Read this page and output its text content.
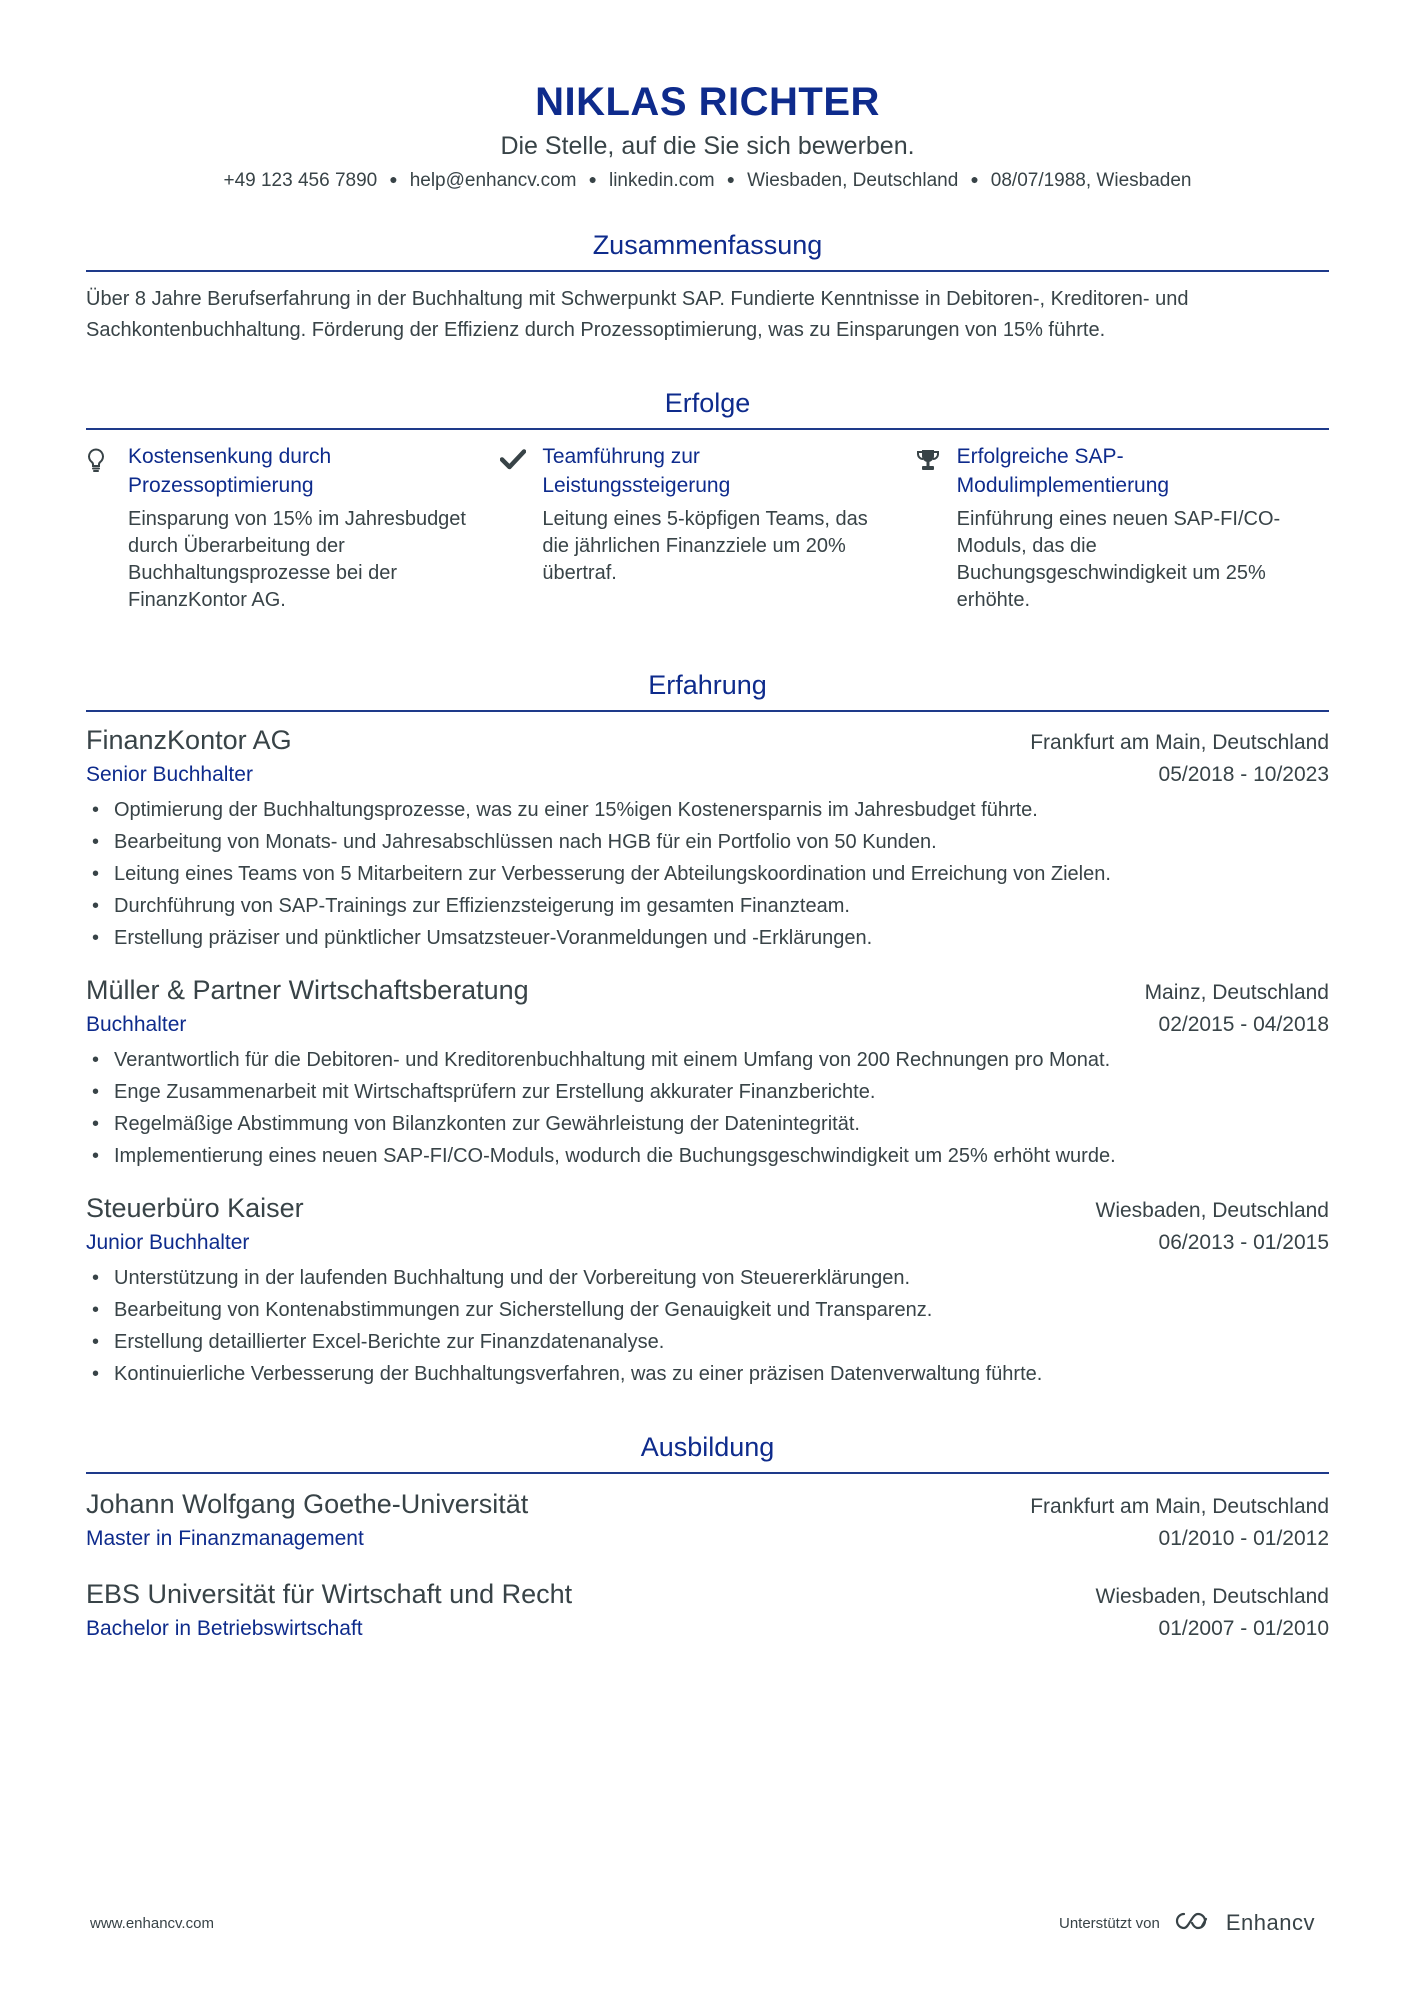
NIKLAS RICHTER
Die Stelle, auf die Sie sich bewerben.
+49 123 456 7890 ● help@enhancv.com ● linkedin.com ● Wiesbaden, Deutschland ● 08/07/1988, Wiesbaden
Zusammenfassung
Über 8 Jahre Berufserfahrung in der Buchhaltung mit Schwerpunkt SAP. Fundierte Kenntnisse in Debitoren-, Kreditoren- und Sachkontenbuchhaltung. Förderung der Effizienz durch Prozessoptimierung, was zu Einsparungen von 15% führte.
Erfolge
Kostensenkung durch Prozessoptimierung
Einsparung von 15% im Jahresbudget durch Überarbeitung der Buchhaltungsprozesse bei der FinanzKontor AG.
Teamführung zur Leistungssteigerung
Leitung eines 5-köpfigen Teams, das die jährlichen Finanzziele um 20% übertraf.
Erfolgreiche SAP-Modulimplementierung
Einführung eines neuen SAP-FI/CO-Moduls, das die Buchungsgeschwindigkeit um 25% erhöhte.
Erfahrung
FinanzKontor AG	Frankfurt am Main, Deutschland
Senior Buchhalter	05/2018 - 10/2023
• Optimierung der Buchhaltungsprozesse, was zu einer 15%igen Kostenersparnis im Jahresbudget führte.
• Bearbeitung von Monats- und Jahresabschlüssen nach HGB für ein Portfolio von 50 Kunden.
• Leitung eines Teams von 5 Mitarbeitern zur Verbesserung der Abteilungskoordination und Erreichung von Zielen.
• Durchführung von SAP-Trainings zur Effizienzsteigerung im gesamten Finanzteam.
• Erstellung präziser und pünktlicher Umsatzsteuer-Voranmeldungen und -Erklärungen.
Müller & Partner Wirtschaftsberatung	Mainz, Deutschland
Buchhalter	02/2015 - 04/2018
• Verantwortlich für die Debitoren- und Kreditorenbuchhaltung mit einem Umfang von 200 Rechnungen pro Monat.
• Enge Zusammenarbeit mit Wirtschaftsprüfern zur Erstellung akkurater Finanzberichte.
• Regelmäßige Abstimmung von Bilanzkonten zur Gewährleistung der Datenintegrität.
• Implementierung eines neuen SAP-FI/CO-Moduls, wodurch die Buchungsgeschwindigkeit um 25% erhöht wurde.
Steuerbüro Kaiser	Wiesbaden, Deutschland
Junior Buchhalter	06/2013 - 01/2015
• Unterstützung in der laufenden Buchhaltung und der Vorbereitung von Steuererklärungen.
• Bearbeitung von Kontenabstimmungen zur Sicherstellung der Genauigkeit und Transparenz.
• Erstellung detaillierter Excel-Berichte zur Finanzdatenanalyse.
• Kontinuierliche Verbesserung der Buchhaltungsverfahren, was zu einer präzisen Datenverwaltung führte.
Ausbildung
Johann Wolfgang Goethe-Universität	Frankfurt am Main, Deutschland
Master in Finanzmanagement	01/2010 - 01/2012
EBS Universität für Wirtschaft und Recht	Wiesbaden, Deutschland
Bachelor in Betriebswirtschaft	01/2007 - 01/2010
www.enhancv.com	Unterstützt von	Enhancv
